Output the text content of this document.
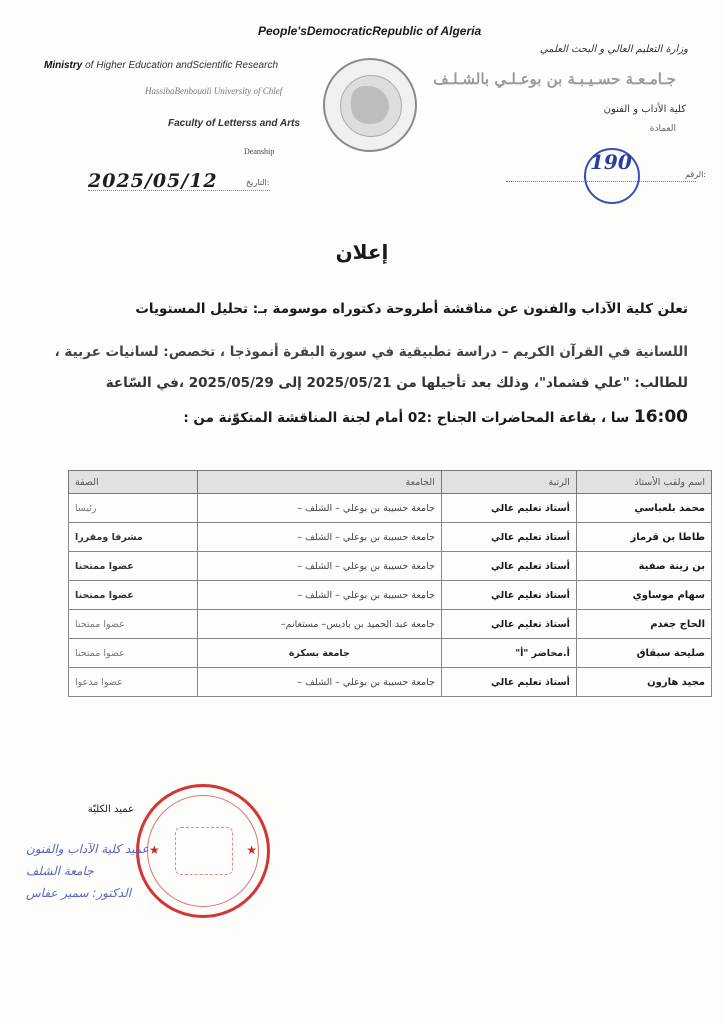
People'sDemocraticRepublic of Algeria
Ministry of Higher Education andScientific Research
HassibaBenbouali University of Chlef
Faculty of Letterss and Arts
Deanship
وزارة التعليم العالي و البحث العلمي
جـامـعـة حسـيـبـة بن بوعـلـي بالشـلـف
كلية الأداب و الفنون
العمادة
الرقم:
190
التاريخ:
2025/05/12
إعلان
تعلن كلية الآداب والفنون عن مناقشة أطروحة دكتوراه موسومة بـ: تحليل المستويات
اللسانية في القرآن الكريم – دراسة تطبيقية في سورة البقرة أنموذجا ، تخصص: لسانيات عربية ،
للطالب: "علي قشماد"، وذلك بعد تأجيلها من 2025/05/21 إلى 2025/05/29 ،في السّاعة
16:00 سا ، بقاعة المحاضرات الجناح :02 أمام لجنة المناقشة المتكوّنة من :
اسم ولقب الأستاذ	الرتبة	الجامعة	الصفة
محمد بلعباسي	أستاذ تعليم عالي	جامعة حسيبة بن بوعلي – الشلف –	رئيسا
طاطا بن قرماز	أستاذ تعليم عالي	جامعة حسيبة بن بوعلي – الشلف –	مشرفا ومقررا
بن زينة صفية	أستاذ تعليم عالي	جامعة حسيبة بن بوعلي – الشلف –	عضوا ممتحنا
سهام موساوي	أستاذ تعليم عالي	جامعة حسيبة بن بوعلي – الشلف –	عضوا ممتحنا
الحاج جغدم	أستاذ تعليم عالي	جامعة عبد الحميد بن باديس– مستغانم–	عضوا ممتحنا
صليحة سبقاق	أ.محاضر "أ"	جامعة بسكرة	عضوا ممتحنا
مجيد هارون	أستاذ تعليم عالي	جامعة حسيبة بن بوعلي – الشلف –	عضوا مدعوا
عميد الكليّة
★	★
عميد كلية الآداب والفنون
جامعة الشلف
الدكتور: سمير عفاس
